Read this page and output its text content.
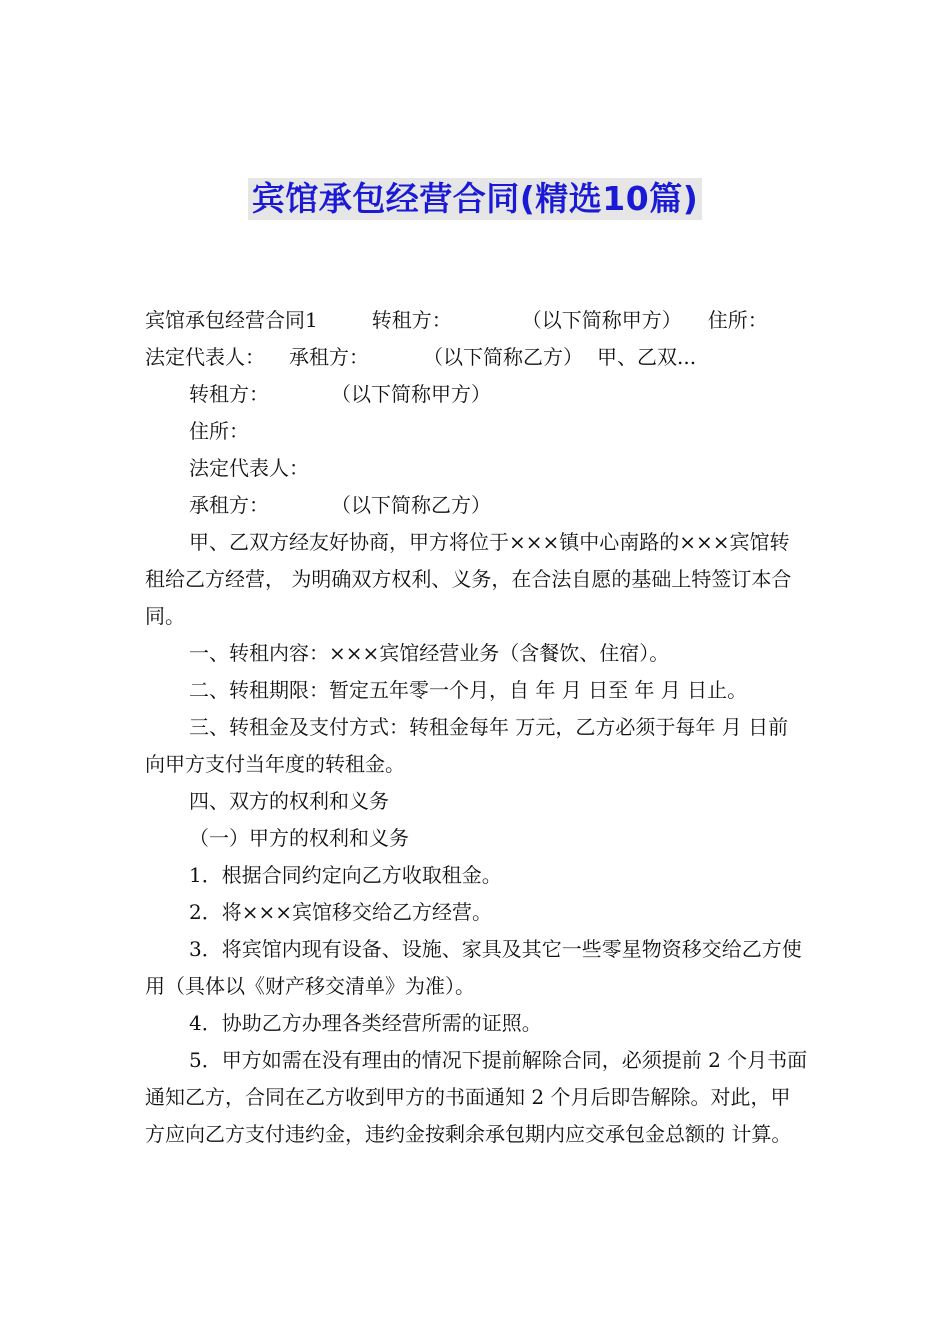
宾馆承包经营合同(精选10篇)

宾馆承包经营合同1	转租方：	（以下简称甲方） 住所：

法定代表人： 承租方：	（以下简称乙方） 甲、乙双...

转租方：	（以下简称甲方）

住所：

法定代表人：

承租方：	（以下简称乙方）

甲、乙双方经友好协商，甲方将位于×××镇中心南路的×××宾馆转租给乙方经营， 为明确双方权利、义务，在合法自愿的基础上特签订本合同。

一、转租内容：×××宾馆经营业务（含餐饮、住宿）。

二、转租期限：暂定五年零一个月，自 年 月 日至 年 月 日止。

三、转租金及支付方式：转租金每年 万元，乙方必须于每年 月 日前向甲方支付当年度的转租金。

四、双方的权利和义务

（一）甲方的权利和义务

1．根据合同约定向乙方收取租金。

2．将×××宾馆移交给乙方经营。

3．将宾馆内现有设备、设施、家具及其它一些零星物资移交给乙方使用（具体以《财产移交清单》为准）。

4．协助乙方办理各类经营所需的证照。

5．甲方如需在没有理由的情况下提前解除合同，必须提前 2 个月书面通知乙方，合同在乙方收到甲方的书面通知 2 个月后即告解除。对此，甲方应向乙方支付违约金，违约金按剩余承包期内应交承包金总额的 计算。
